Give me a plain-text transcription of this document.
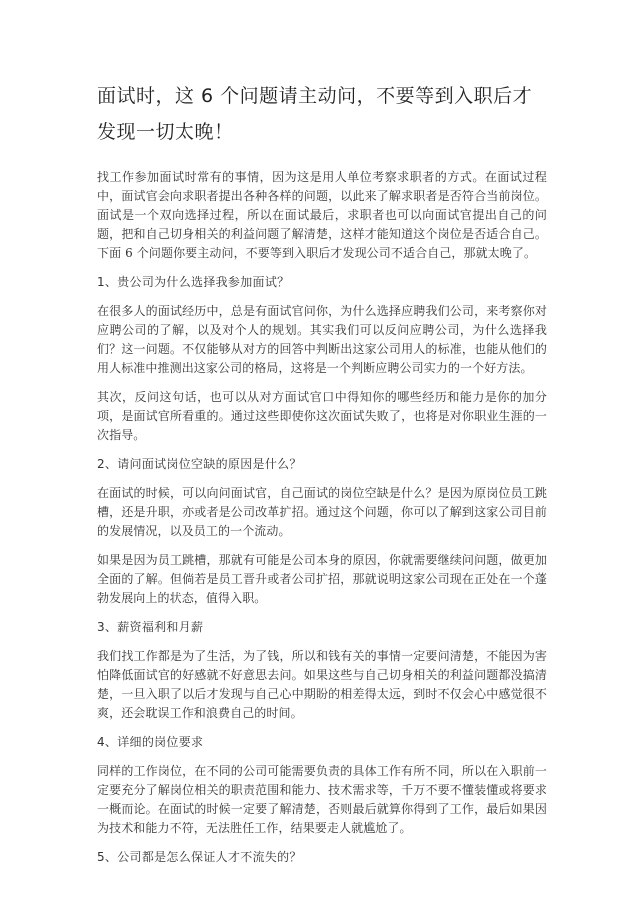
面试时，这 6 个问题请主动问，不要等到入职后才发现一切太晚！

找工作参加面试时常有的事情，因为这是用人单位考察求职者的方式。在面试过程中，面试官会向求职者提出各种各样的问题，以此来了解求职者是否符合当前岗位。面试是一个双向选择过程，所以在面试最后，求职者也可以向面试官提出自己的问题，把和自己切身相关的利益问题了解清楚，这样才能知道这个岗位是否适合自己。下面 6 个问题你要主动问，不要等到入职后才发现公司不适合自己，那就太晚了。

1、贵公司为什么选择我参加面试？

在很多人的面试经历中，总是有面试官问你，为什么选择应聘我们公司，来考察你对应聘公司的了解，以及对个人的规划。其实我们可以反问应聘公司，为什么选择我们？这一问题。不仅能够从对方的回答中判断出这家公司用人的标准，也能从他们的用人标准中推测出这家公司的格局，这将是一个判断应聘公司实力的一个好方法。

其次，反问这句话，也可以从对方面试官口中得知你的哪些经历和能力是你的加分项，是面试官所看重的。通过这些即使你这次面试失败了，也将是对你职业生涯的一次指导。

2、请问面试岗位空缺的原因是什么？

在面试的时候，可以向问面试官，自己面试的岗位空缺是什么？是因为原岗位员工跳槽，还是升职，亦或者是公司改革扩招。通过这个问题，你可以了解到这家公司目前的发展情况，以及员工的一个流动。

如果是因为员工跳槽，那就有可能是公司本身的原因，你就需要继续问问题，做更加全面的了解。但倘若是员工晋升或者公司扩招，那就说明这家公司现在正处在一个蓬勃发展向上的状态，值得入职。

3、薪资福利和月薪

我们找工作都是为了生活，为了钱，所以和钱有关的事情一定要问清楚，不能因为害怕降低面试官的好感就不好意思去问。如果这些与自己切身相关的利益问题都没搞清楚，一旦入职了以后才发现与自己心中期盼的相差得太远，到时不仅会心中感觉很不爽，还会耽误工作和浪费自己的时间。

4、详细的岗位要求

同样的工作岗位，在不同的公司可能需要负责的具体工作有所不同，所以在入职前一定要充分了解岗位相关的职责范围和能力、技术需求等，千万不要不懂装懂或将要求一概而论。在面试的时候一定要了解清楚，否则最后就算你得到了工作，最后如果因为技术和能力不符，无法胜任工作，结果要走人就尴尬了。

5、公司都是怎么保证人才不流失的？
